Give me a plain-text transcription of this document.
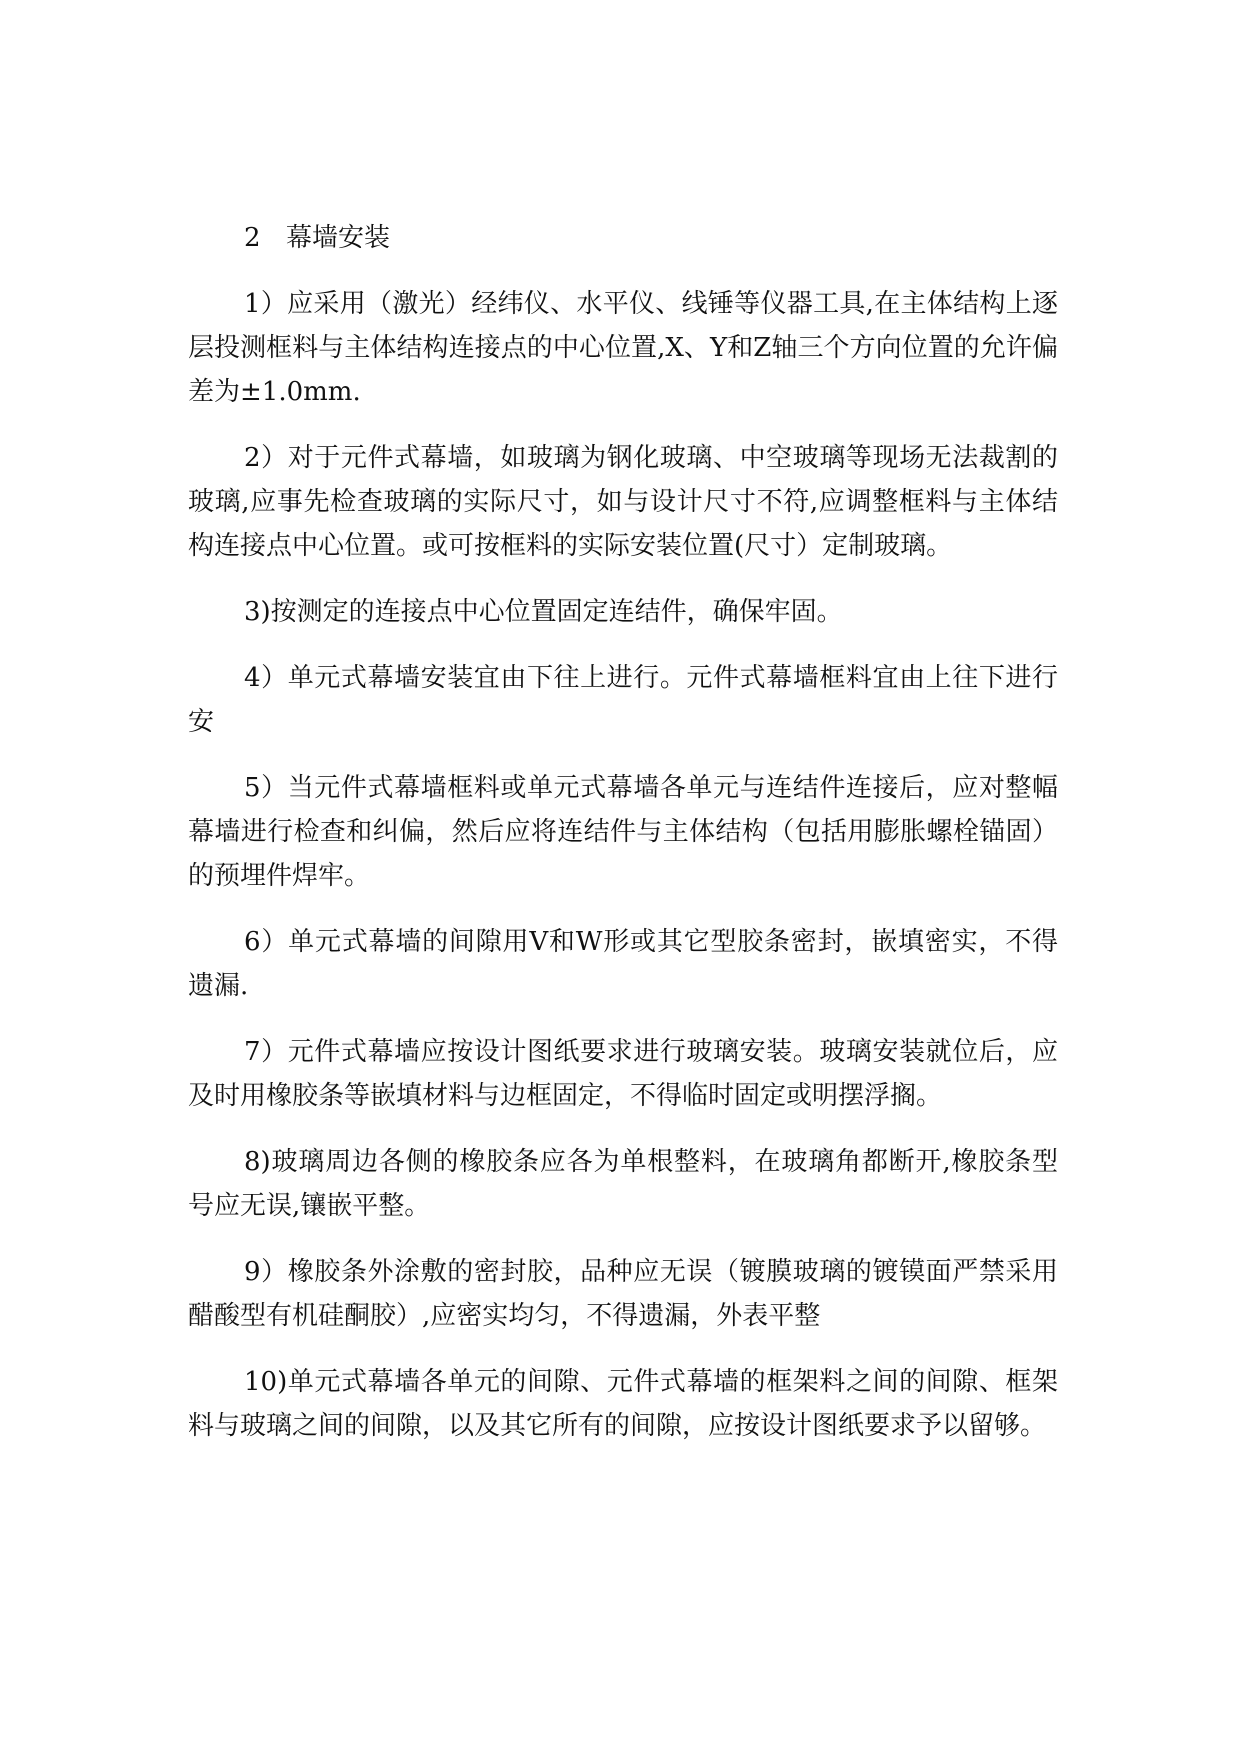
2 幕墙安装

1）应采用（激光）经纬仪、水平仪、线锤等仪器工具,在主体结构上逐层投测框料与主体结构连接点的中心位置,X、Y和Z轴三个方向位置的允许偏差为±1.0mm.

2）对于元件式幕墙，如玻璃为钢化玻璃、中空玻璃等现场无法裁割的玻璃,应事先检查玻璃的实际尺寸，如与设计尺寸不符,应调整框料与主体结构连接点中心位置。或可按框料的实际安装位置(尺寸）定制玻璃。

3)按测定的连接点中心位置固定连结件，确保牢固。

4）单元式幕墙安装宜由下往上进行。元件式幕墙框料宜由上往下进行安

5）当元件式幕墙框料或单元式幕墙各单元与连结件连接后，应对整幅幕墙进行检查和纠偏，然后应将连结件与主体结构（包括用膨胀螺栓锚固）的预埋件焊牢。

6）单元式幕墙的间隙用V和W形或其它型胶条密封，嵌填密实，不得遗漏.

7）元件式幕墙应按设计图纸要求进行玻璃安装。玻璃安装就位后，应及时用橡胶条等嵌填材料与边框固定，不得临时固定或明摆浮搁。

8)玻璃周边各侧的橡胶条应各为单根整料，在玻璃角都断开,橡胶条型号应无误,镶嵌平整。

9）橡胶条外涂敷的密封胶，品种应无误（镀膜玻璃的镀镆面严禁采用醋酸型有机硅酮胶）,应密实均匀，不得遗漏，外表平整

10)单元式幕墙各单元的间隙、元件式幕墙的框架料之间的间隙、框架料与玻璃之间的间隙，以及其它所有的间隙，应按设计图纸要求予以留够。
